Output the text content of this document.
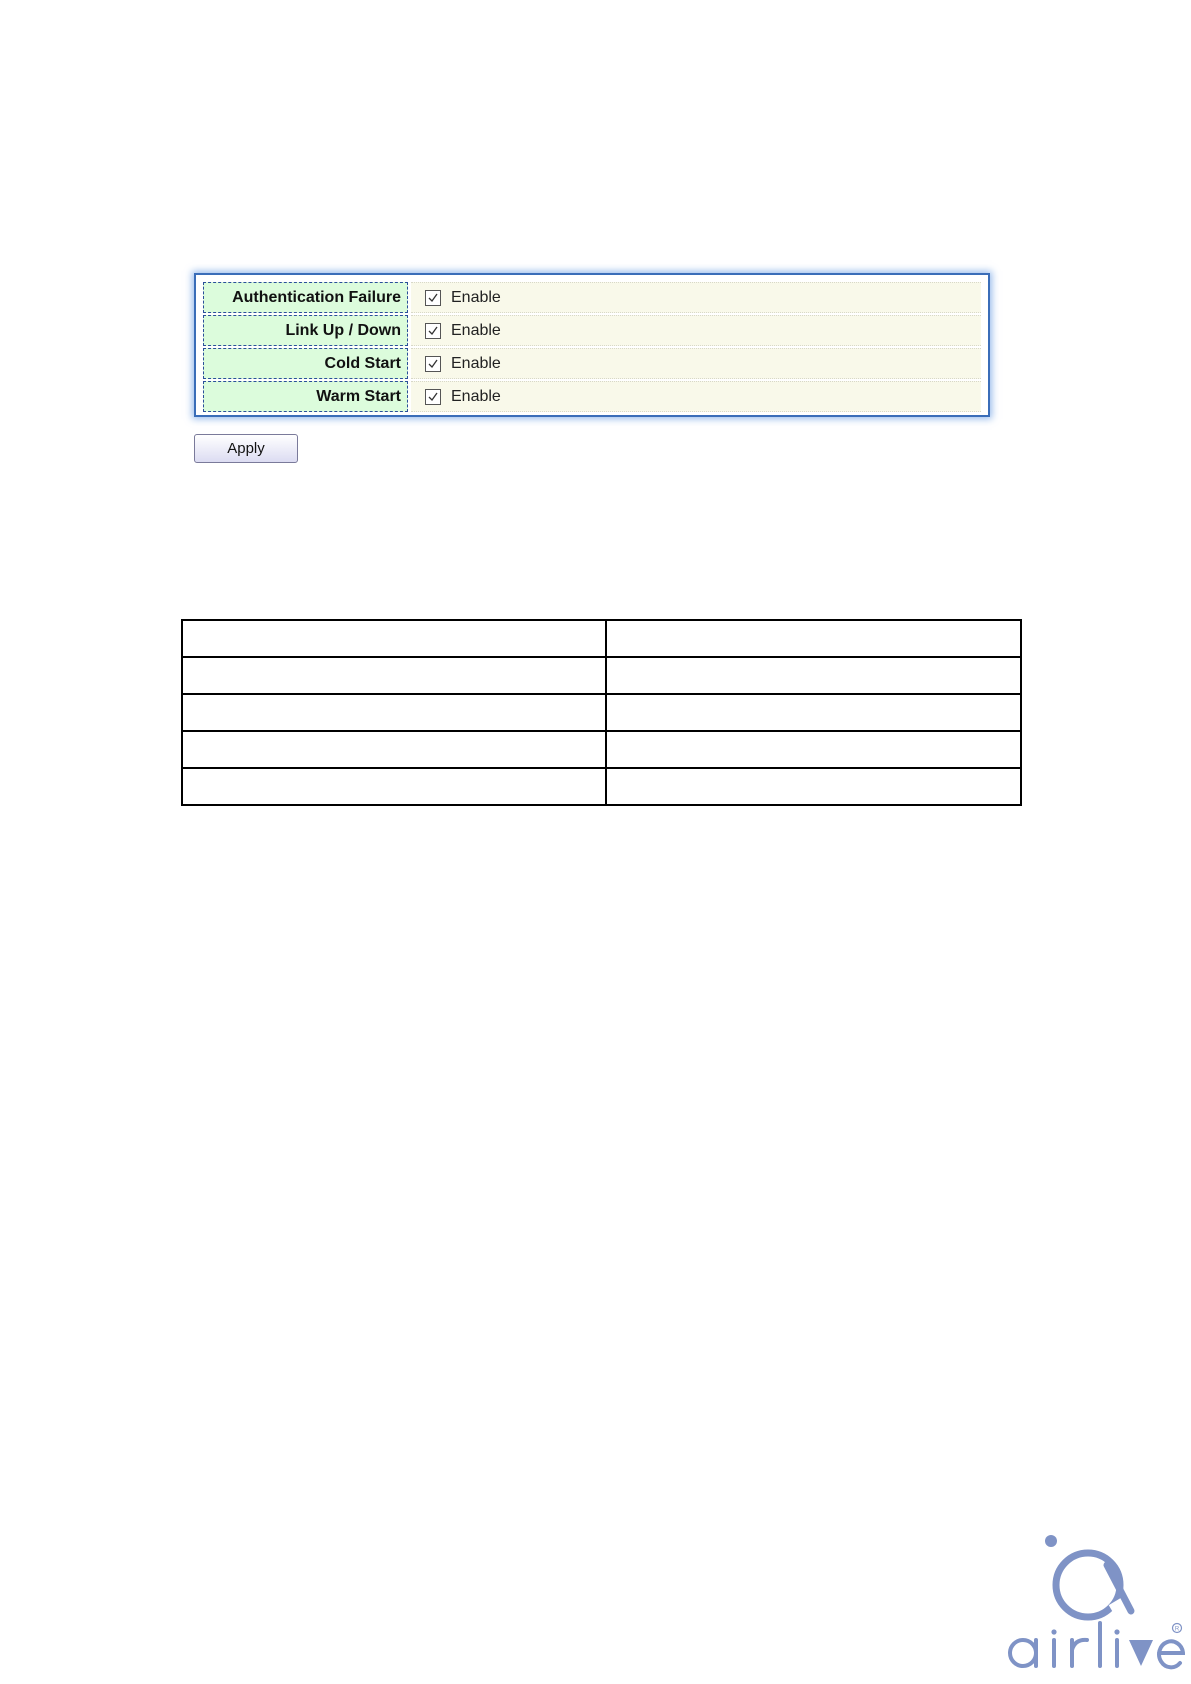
Authentication Failure	Enable
Link Up / Down	Enable
Cold Start	Enable
Warm Start	Enable
Apply

R
